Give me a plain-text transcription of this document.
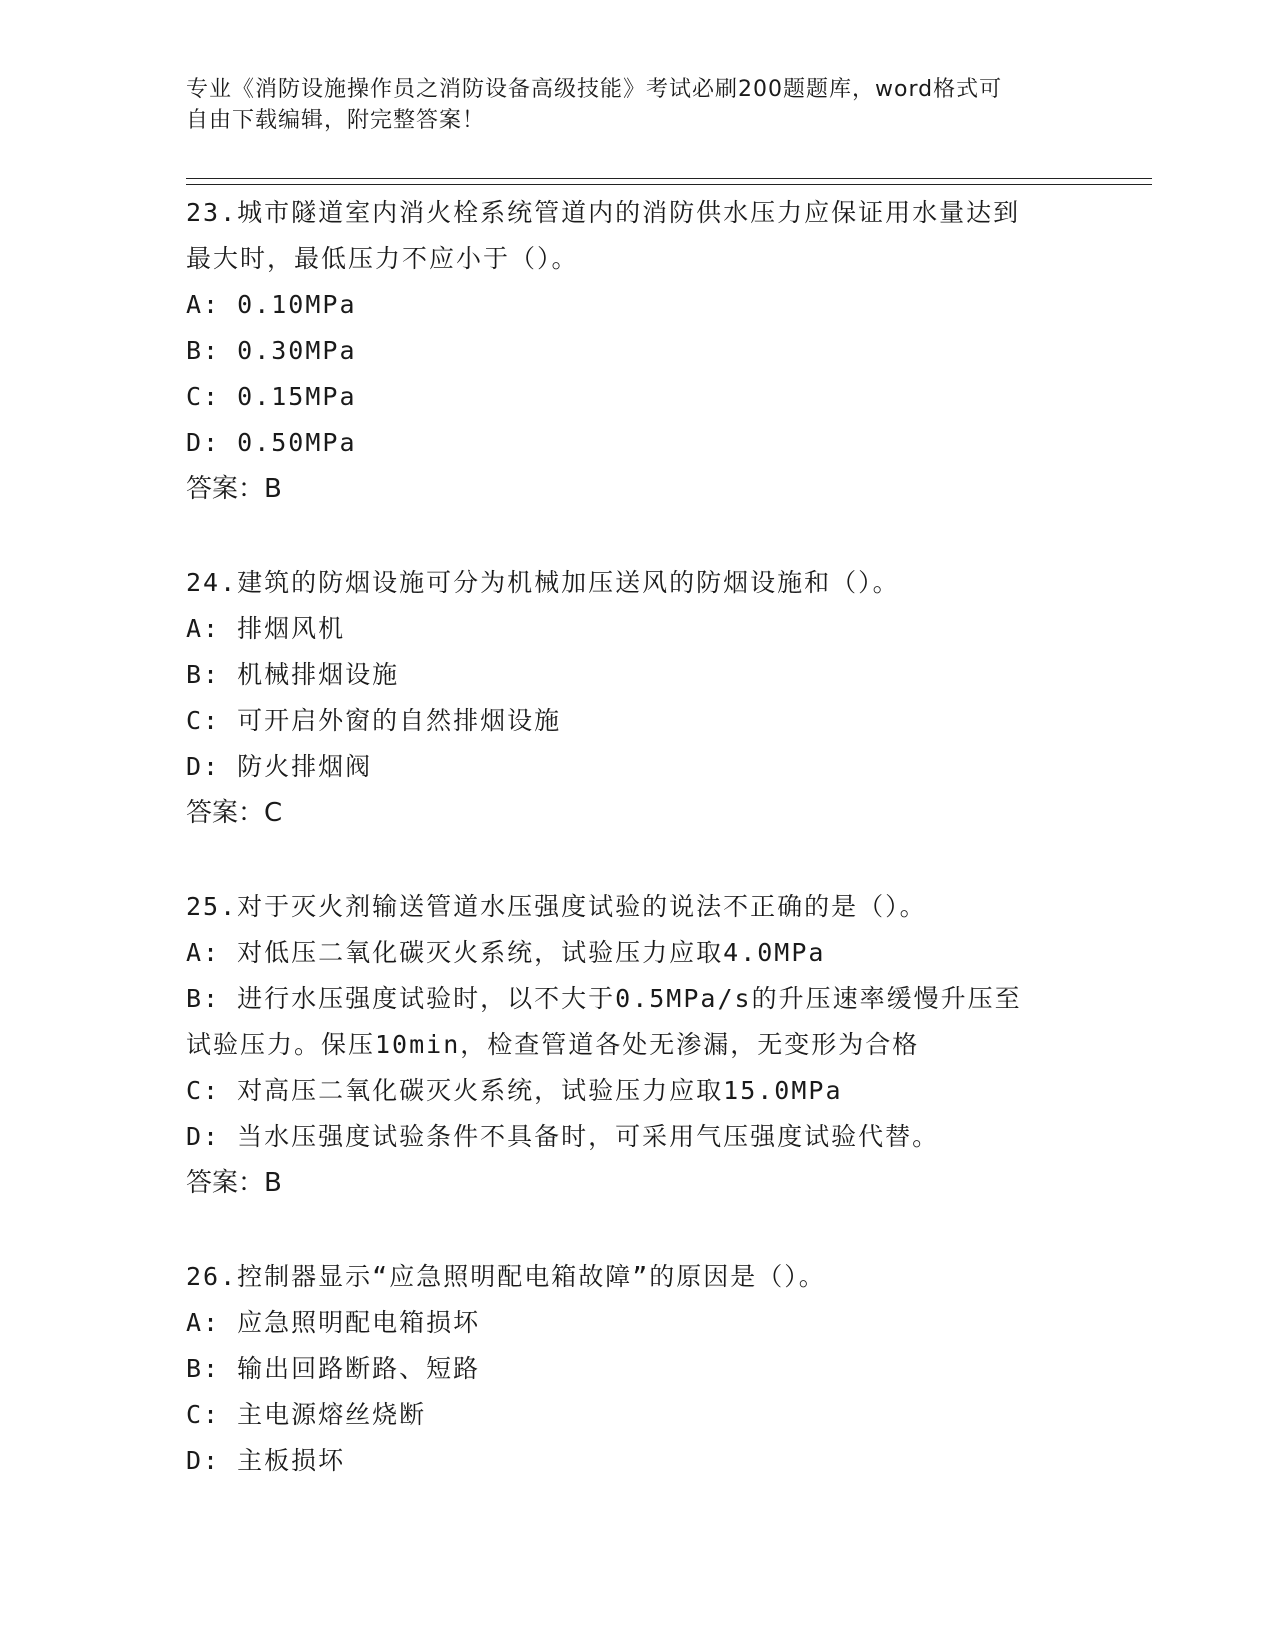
专业《消防设施操作员之消防设备高级技能》考试必刷200题题库，word格式可
自由下载编辑，附完整答案！

23.城市隧道室内消火栓系统管道内的消防供水压力应保证用水量达到

最大时，最低压力不应小于（）。

A: 0.10MPa

B: 0.30MPa

C: 0.15MPa

D: 0.50MPa

答案：B

24.建筑的防烟设施可分为机械加压送风的防烟设施和（）。

A: 排烟风机

B: 机械排烟设施

C: 可开启外窗的自然排烟设施

D: 防火排烟阀

答案：C

25.对于灭火剂输送管道水压强度试验的说法不正确的是（）。

A: 对低压二氧化碳灭火系统，试验压力应取4.0MPa

B: 进行水压强度试验时，以不大于0.5MPa/s的升压速率缓慢升压至

试验压力。保压10min，检查管道各处无渗漏，无变形为合格

C: 对高压二氧化碳灭火系统，试验压力应取15.0MPa

D: 当水压强度试验条件不具备时，可采用气压强度试验代替。

答案：B

26.控制器显示“应急照明配电箱故障”的原因是（）。

A: 应急照明配电箱损坏

B: 输出回路断路、短路

C: 主电源熔丝烧断

D: 主板损坏
